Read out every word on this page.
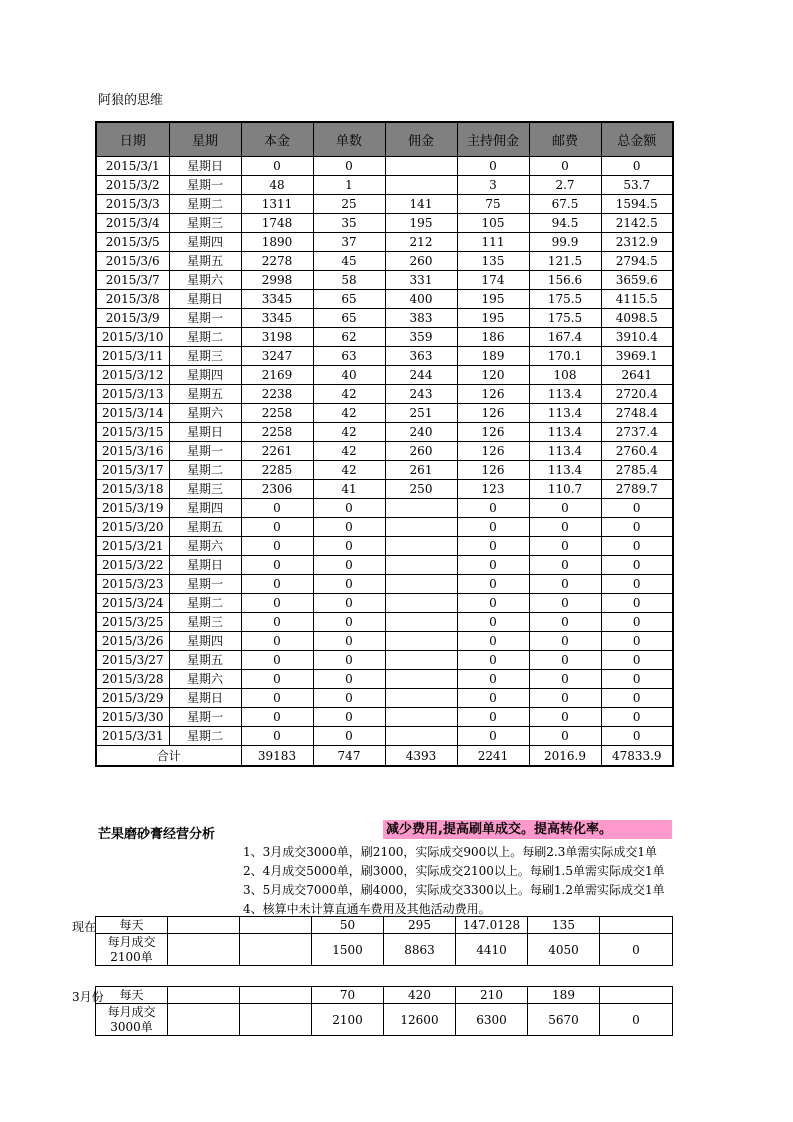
阿狼的思维
日期	星期	本金	单数	佣金	主持佣金	邮费	总金额
2015/3/1	星期日	0	0		0	0	0
2015/3/2	星期一	48	1		3	2.7	53.7
2015/3/3	星期二	1311	25	141	75	67.5	1594.5
2015/3/4	星期三	1748	35	195	105	94.5	2142.5
2015/3/5	星期四	1890	37	212	111	99.9	2312.9
2015/3/6	星期五	2278	45	260	135	121.5	2794.5
2015/3/7	星期六	2998	58	331	174	156.6	3659.6
2015/3/8	星期日	3345	65	400	195	175.5	4115.5
2015/3/9	星期一	3345	65	383	195	175.5	4098.5
2015/3/10	星期二	3198	62	359	186	167.4	3910.4
2015/3/11	星期三	3247	63	363	189	170.1	3969.1
2015/3/12	星期四	2169	40	244	120	108	2641
2015/3/13	星期五	2238	42	243	126	113.4	2720.4
2015/3/14	星期六	2258	42	251	126	113.4	2748.4
2015/3/15	星期日	2258	42	240	126	113.4	2737.4
2015/3/16	星期一	2261	42	260	126	113.4	2760.4
2015/3/17	星期二	2285	42	261	126	113.4	2785.4
2015/3/18	星期三	2306	41	250	123	110.7	2789.7
2015/3/19	星期四	0	0		0	0	0
2015/3/20	星期五	0	0		0	0	0
2015/3/21	星期六	0	0		0	0	0
2015/3/22	星期日	0	0		0	0	0
2015/3/23	星期一	0	0		0	0	0
2015/3/24	星期二	0	0		0	0	0
2015/3/25	星期三	0	0		0	0	0
2015/3/26	星期四	0	0		0	0	0
2015/3/27	星期五	0	0		0	0	0
2015/3/28	星期六	0	0		0	0	0
2015/3/29	星期日	0	0		0	0	0
2015/3/30	星期一	0	0		0	0	0
2015/3/31	星期二	0	0		0	0	0
合计		39183	747	4393	2241	2016.9	47833.9
芒果磨砂膏经营分析	减少费用,提高刷单成交。提高转化率。
1、3月成交3000单，刷2100，实际成交900以上。每刷2.3单需实际成交1单
2、4月成交5000单，刷3000，实际成交2100以上。每刷1.5单需实际成交1单
3、5月成交7000单，刷4000，实际成交3300以上。每刷1.2单需实际成交1单
4、核算中未计算直通车费用及其他活动费用。
现在 每天			50	295	147.0128	135	
每月成交2100单			1500	8863	4410	4050	0
3月份 每天			70	420	210	189	
每月成交3000单			2100	12600	6300	5670	0
